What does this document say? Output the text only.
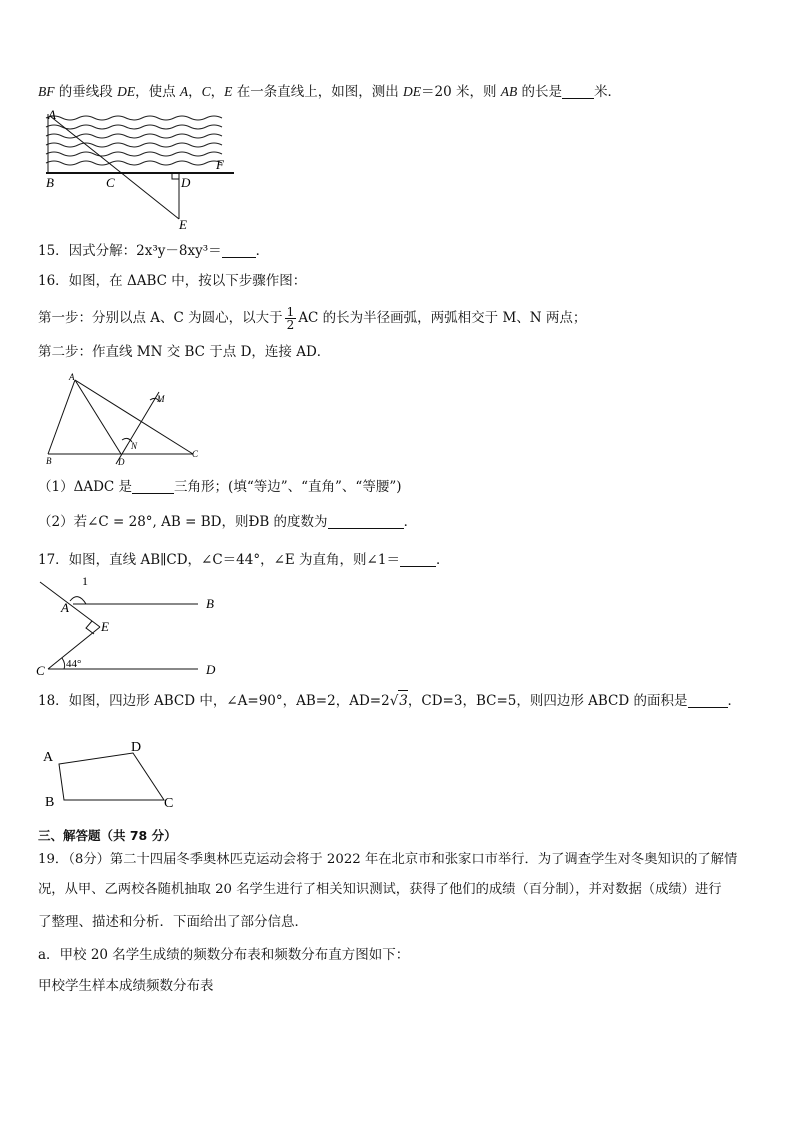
BF 的垂线段 DE，使点 A，C，E 在一条直线上，如图，测出 DE＝20 米，则 AB 的长是 米．
A
B	C	D
E
F
15．因式分解：2x³y－8xy³＝	．
16．如图，在 ΔABC 中，按以下步骤作图：
第一步：分别以点 A、C 为圆心，以大于 $\frac{1}{2}$ AC 的长为半径画弧，两弧相交于 M、N 两点；
第二步：作直线 MN 交 BC 于点 D，连接 AD．
A
B
C
D
M
N
（1）ΔADC 是	三角形；(填“等边”、“直角”、“等腰”)
（2）若∠C = 28°, AB = BD，则ÐB 的度数为	．
17．如图，直线 AB∥CD，∠C＝44°，∠E 为直角，则∠1＝	．
1
A	B
E
C	D
44°
18．如图，四边形 ABCD 中，∠A=90°，AB=2，AD=2√3，CD=3，BC=5，则四边形 ABCD 的面积是	．
A
D
B	C
三、解答题（共 78 分）
19．（8分）第二十四届冬季奥林匹克运动会将于 2022 年在北京市和张家口市举行．为了调查学生对冬奥知识的了解情
况，从甲、乙两校各随机抽取 20 名学生进行了相关知识测试，获得了他们的成绩（百分制），并对数据（成绩）进行
了整理、描述和分析．下面给出了部分信息．
a．甲校 20 名学生成绩的频数分布表和频数分布直方图如下：
甲校学生样本成绩频数分布表
